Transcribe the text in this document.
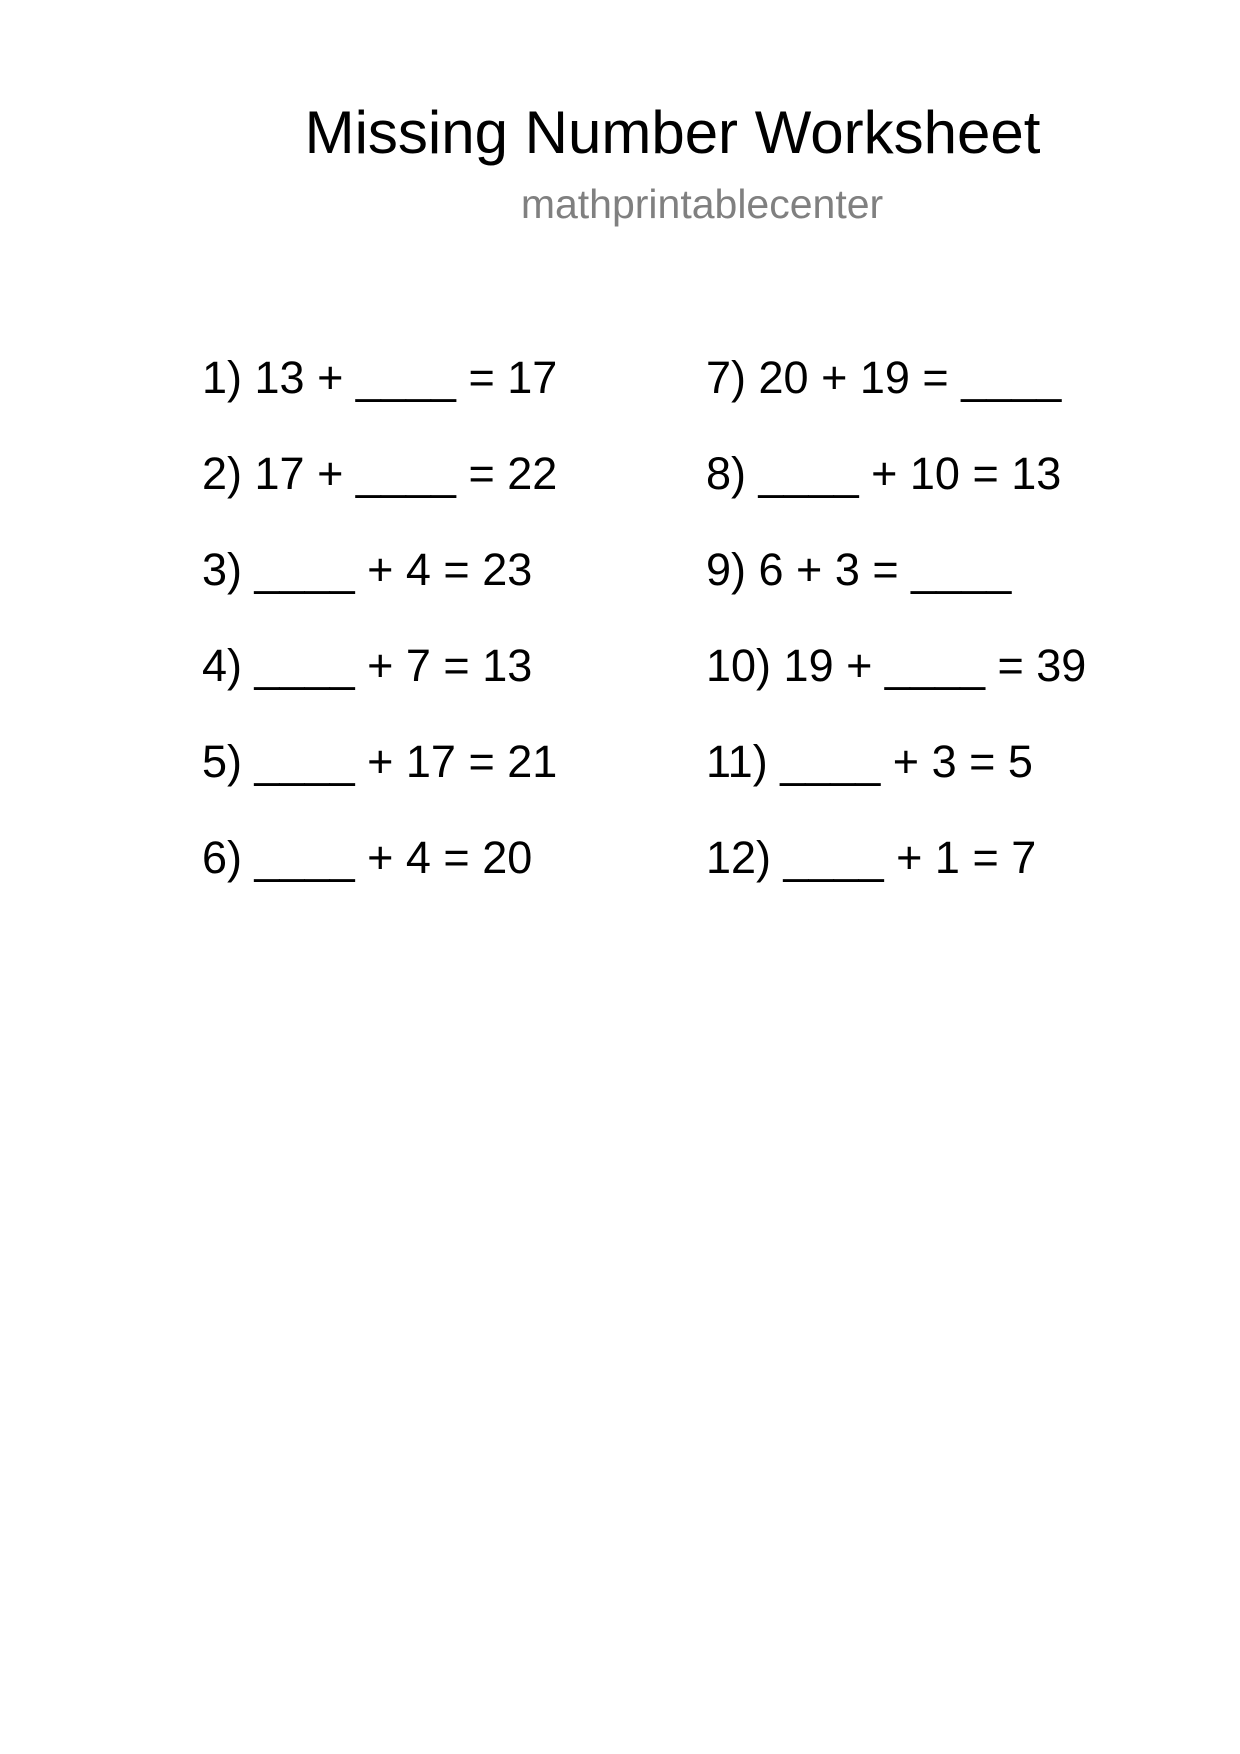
Missing Number Worksheet
mathprintablecenter
1) 13 + ____ = 17
2) 17 + ____ = 22
3) ____ + 4 = 23
4) ____ + 7 = 13
5) ____ + 17 = 21
6) ____ + 4 = 20
7) 20 + 19 = ____
8) ____ + 10 = 13
9) 6 + 3 = ____
10) 19 + ____ = 39
11) ____ + 3 = 5
12) ____ + 1 = 7
